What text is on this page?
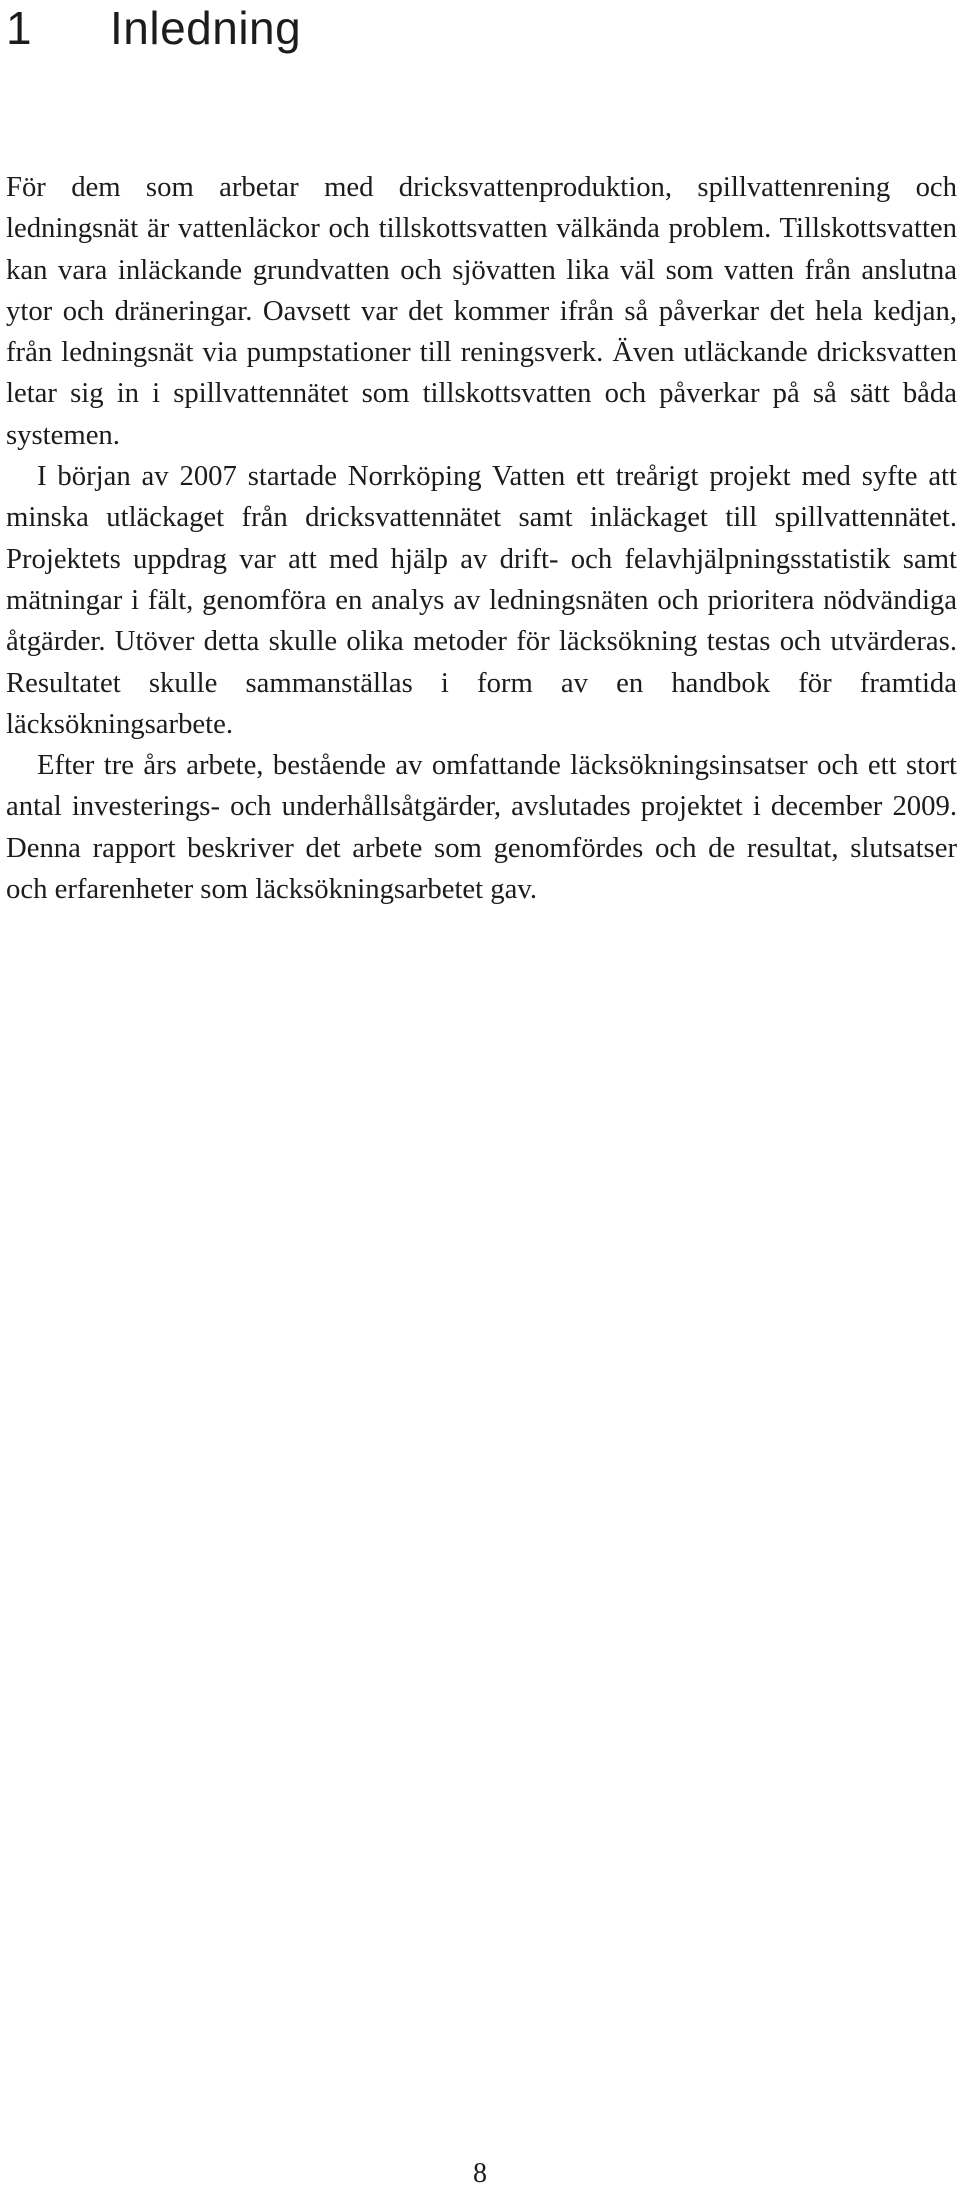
1 Inledning

För dem som arbetar med dricksvattenproduktion, spillvattenrening och ledningsnät är vattenläckor och tillskottsvatten välkända problem. Tillskottsvatten kan vara inläckande grundvatten och sjövatten lika väl som vatten från anslutna ytor och dräneringar. Oavsett var det kommer ifrån så påverkar det hela kedjan, från ledningsnät via pumpstationer till reningsverk. Även utläckande dricksvatten letar sig in i spillvattennätet som tillskottsvatten och påverkar på så sätt båda systemen.

I början av 2007 startade Norrköping Vatten ett treårigt projekt med syfte att minska utläckaget från dricksvattennätet samt inläckaget till spillvattennätet. Projektets uppdrag var att med hjälp av drift- och felavhjälpningsstatistik samt mätningar i fält, genomföra en analys av ledningsnäten och prioritera nödvändiga åtgärder. Utöver detta skulle olika metoder för läcksökning testas och utvärderas. Resultatet skulle sammanställas i form av en handbok för framtida läcksökningsarbete.

Efter tre års arbete, bestående av omfattande läcksökningsinsatser och ett stort antal investerings- och underhållsåtgärder, avslutades projektet i december 2009. Denna rapport beskriver det arbete som genomfördes och de resultat, slutsatser och erfarenheter som läcksökningsarbetet gav.

8
